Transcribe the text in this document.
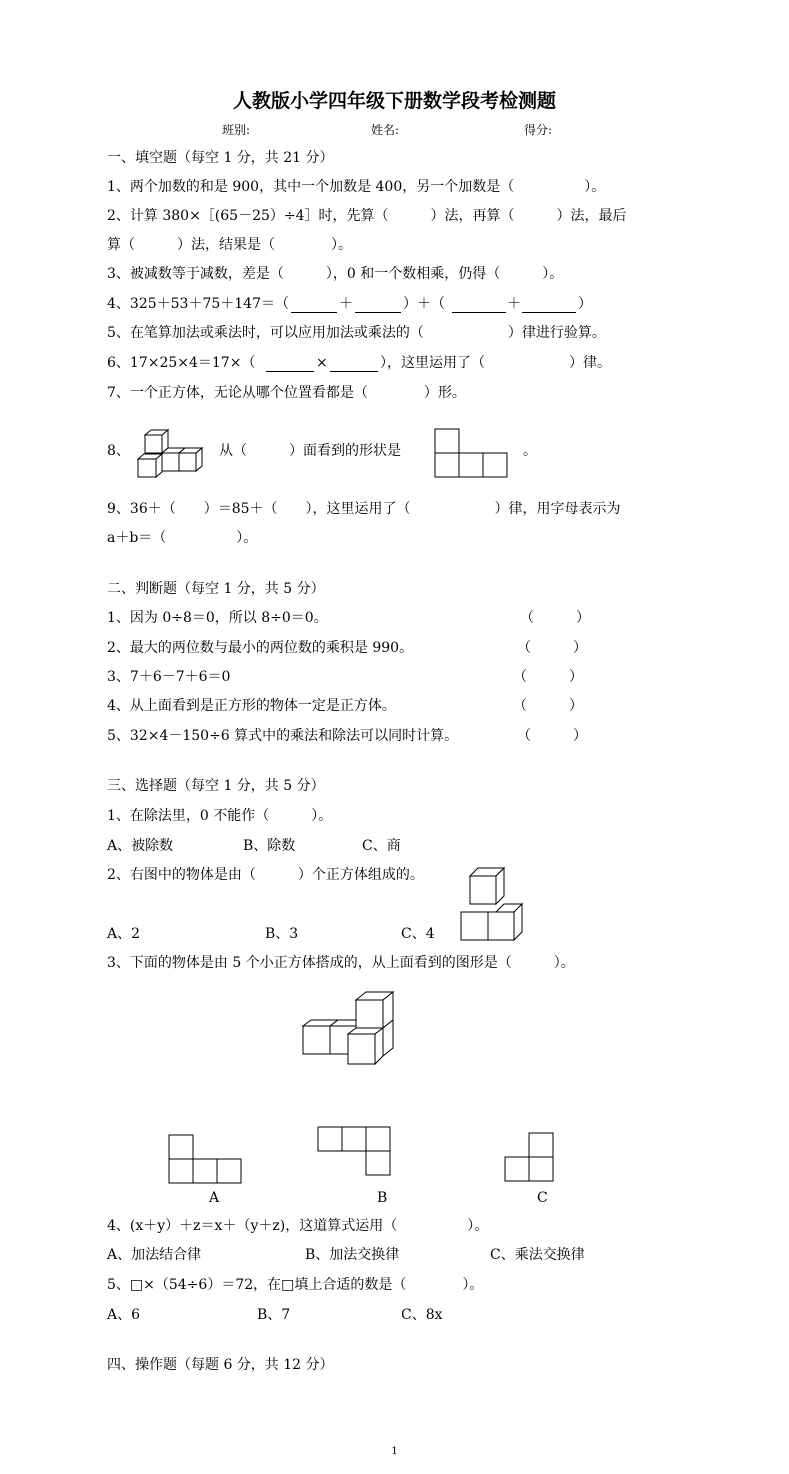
人教版小学四年级下册数学段考检测题
班别:	姓名:	得分:
一、填空题（每空 1 分，共 21 分）
1、两个加数的和是 900，其中一个加数是 400，另一个加数是（　　　　　）。
2、计算 380×［(65－25）÷4］时，先算（　　　）法，再算（　　　）法，最后
算（　　　）法，结果是（　　　　）。
3、被减数等于减数，差是（　　　），0 和一个数相乘，仍得（　　　）。
4、325＋53＋75＋147＝（	＋	）＋（	＋	）
5、在笔算加法或乘法时，可以应用加法或乘法的（　　　　　　）律进行验算。
6、17×25×4＝17×（	×	），这里运用了（　　　　　　）律。
7、一个正方体，无论从哪个位置看都是（　　　　）形。
8、	从（　　　）面看到的形状是	。
9、36＋（　　）＝85＋（　　），这里运用了（　　　　　　）律，用字母表示为
a＋b＝（　　　　　）。
二、判断题（每空 1 分，共 5 分）
1、因为 0÷8＝0，所以 8÷0＝0。	（　　　）
2、最大的两位数与最小的两位数的乘积是 990。	（　　　）
3、7＋6－7＋6＝0	（　　　）
4、从上面看到是正方形的物体一定是正方体。	（　　　）
5、32×4－150÷6 算式中的乘法和除法可以同时计算。	（　　　）
三、选择题（每空 1 分，共 5 分）
1、在除法里，0 不能作（　　　）。
A、被除数	B、除数	C、商
2、右图中的物体是由（　　　）个正方体组成的。
A、2	B、3	C、4
3、下面的物体是由 5 个小正方体搭成的，从上面看到的图形是（　　　）。
A	B	C
4、(x＋y）＋z＝x＋（y＋z)，这道算式运用（　　　　　）。
A、加法结合律	B、加法交换律	C、乘法交换律
5、□×（54÷6）＝72，在□填上合适的数是（　　　　）。
A、6	B、7	C、8x
四、操作题（每题 6 分，共 12 分）
1
